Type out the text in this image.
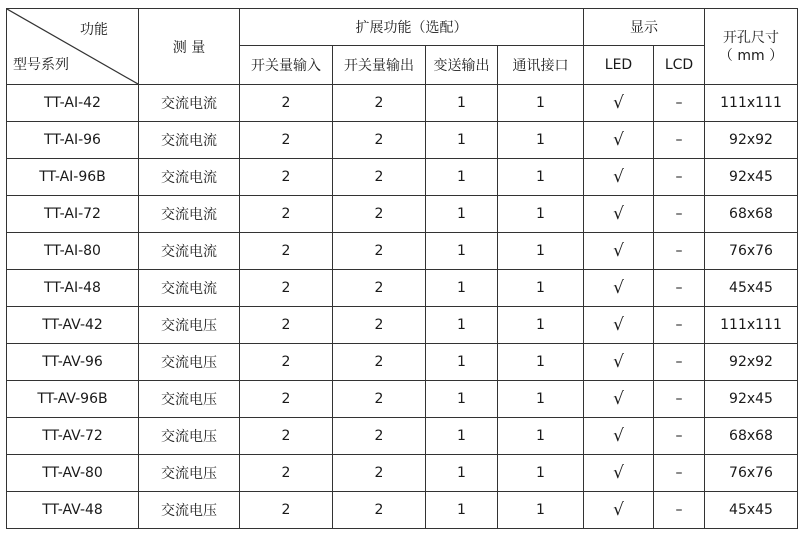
功能
型号系列	测 量	扩展功能（选配）				显示		开孔尺寸
（ mm ）

		开关量输入	开关量输出	变送输出	通讯接口	LED	LCD	
TT-AI-42	交流电流	2	2	1	1	√	–	111x111
TT-AI-96	交流电流	2	2	1	1	√	–	92x92
TT-AI-96B	交流电流	2	2	1	1	√	–	92x45
TT-AI-72	交流电流	2	2	1	1	√	–	68x68
TT-AI-80	交流电流	2	2	1	1	√	–	76x76
TT-AI-48	交流电流	2	2	1	1	√	–	45x45
TT-AV-42	交流电压	2	2	1	1	√	–	111x111
TT-AV-96	交流电压	2	2	1	1	√	–	92x92
TT-AV-96B	交流电压	2	2	1	1	√	–	92x45
TT-AV-72	交流电压	2	2	1	1	√	–	68x68
TT-AV-80	交流电压	2	2	1	1	√	–	76x76
TT-AV-48	交流电压	2	2	1	1	√	–	45x45
